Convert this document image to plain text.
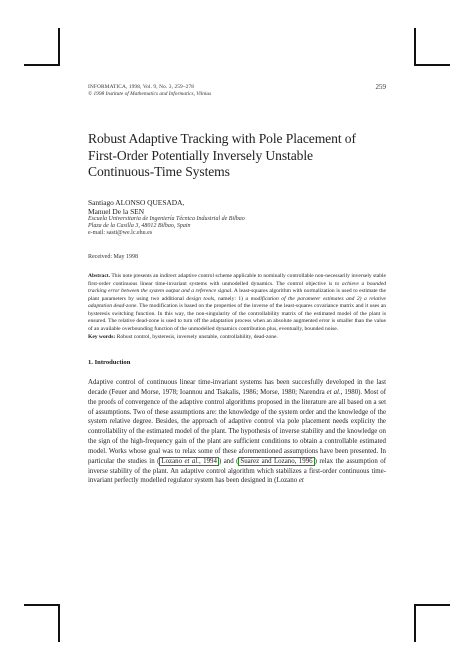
INFORMATICA, 1998, Vol. 9, No. 3, 259–278
© 1998 Institute of Mathematics and Informatics, Vilnius
259
Robust Adaptive Tracking with Pole Placement of
First-Order Potentially Inversely Unstable
Continuous-Time Systems
Santiago ALONSO QUESADA,
Manuel De la SEN
Escuela Universitaria de Ingeniería Técnica Industrial de Bilbao
Plaza de la Casilla 3, 48012 Bilbao, Spain
e-mail: sasti@we.lc.ehu.es
Received: May 1998
Abstract. This note presents an indirect adaptive control scheme applicable to nominally controllable non-necessarily inversely stable first-order continuous linear time-invariant systems with unmodelled dynamics. The control objective is to achieve a bounded tracking error between the system output and a reference signal. A least-squares algorithm with normalization is used to estimate the plant parameters by using two additional design tools, namely: 1) a modification of the parameter estimates and 2) a relative adaptation dead-zone. The modification is based on the properties of the inverse of the least-squares covariance matrix and it uses an hysteresis switching function. In this way, the non-singularity of the controllability matrix of the estimated model of the plant is ensured. The relative dead-zone is used to turn off the adaptation process when an absolute augmented error is smaller than the value of an available overbounding function of the unmodelled dynamics contribution plus, eventually, bounded noise.
Key words: Robust control, hysteresis, inversely unstable, controllability, dead-zone.
1. Introduction
Adaptive control of continuous linear time-invariant systems has been succesfully developed in the last decade (Feuer and Morse, 1978; Ioannou and Tsakalis, 1986; Morse, 1980; Narendra et al., 1980). Most of the proofs of convergence of the adaptive control algorithms proposed in the literature are all based on a set of assumptions. Two of these assumptions are: the knowledge of the system order and the knowledge of the system relative degree. Besides, the approach of adaptive control via pole placement needs explicity the controllability of the estimated model of the plant. The hypothesis of inverse stability and the knowledge on the sign of the high-frequency gain of the plant are sufficient conditions to obtain a controllable estimated model. Works whose goal was to relax some of these aforementioned assumptions have been presented. In particular the studies in ( Lozano et al., 1994 ) and ( Suarez and Lozano, 1996 ) relax the assumption of inverse stability of the plant. An adaptive control algorithm which stabilizes a first-order continuous time-invariant perfectly modelled regulator system has been designed in (Lozano et
